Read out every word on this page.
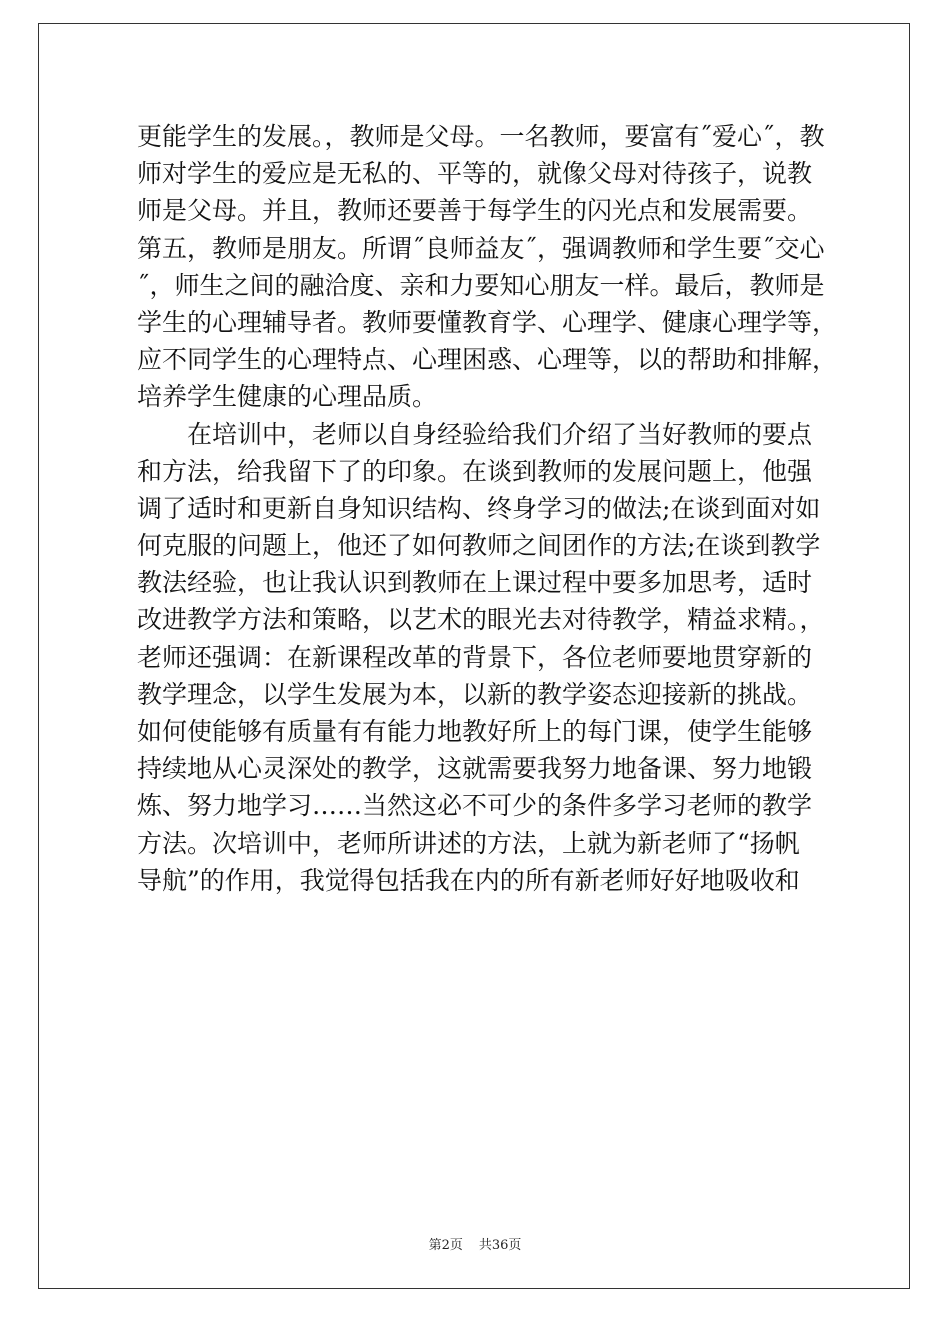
更能学生的发展。，教师是父母。一名教师，要富有˝爱心˝，教
师对学生的爱应是无私的、平等的，就像父母对待孩子，说教
师是父母。并且，教师还要善于每学生的闪光点和发展需要。
第五，教师是朋友。所谓˝良师益友˝，强调教师和学生要˝交心
˝，师生之间的融洽度、亲和力要知心朋友一样。最后，教师是
学生的心理辅导者。教师要懂教育学、心理学、健康心理学等，
应不同学生的心理特点、心理困惑、心理等，以的帮助和排解，
培养学生健康的心理品质。
在培训中，老师以自身经验给我们介绍了当好教师的要点
和方法，给我留下了的印象。在谈到教师的发展问题上，他强
调了适时和更新自身知识结构、终身学习的做法;在谈到面对如
何克服的问题上，他还了如何教师之间团作的方法;在谈到教学
教法经验，也让我认识到教师在上课过程中要多加思考，适时
改进教学方法和策略，以艺术的眼光去对待教学，精益求精。，
老师还强调：在新课程改革的背景下，各位老师要地贯穿新的
教学理念，以学生发展为本，以新的教学姿态迎接新的挑战。
如何使能够有质量有有能力地教好所上的每门课，使学生能够
持续地从心灵深处的教学，这就需要我努力地备课、努力地锻
炼、努力地学习……当然这必不可少的条件多学习老师的教学
方法。次培训中，老师所讲述的方法，上就为新老师了“扬帆
导航”的作用，我觉得包括我在内的所有新老师好好地吸收和
第2页 共36页
